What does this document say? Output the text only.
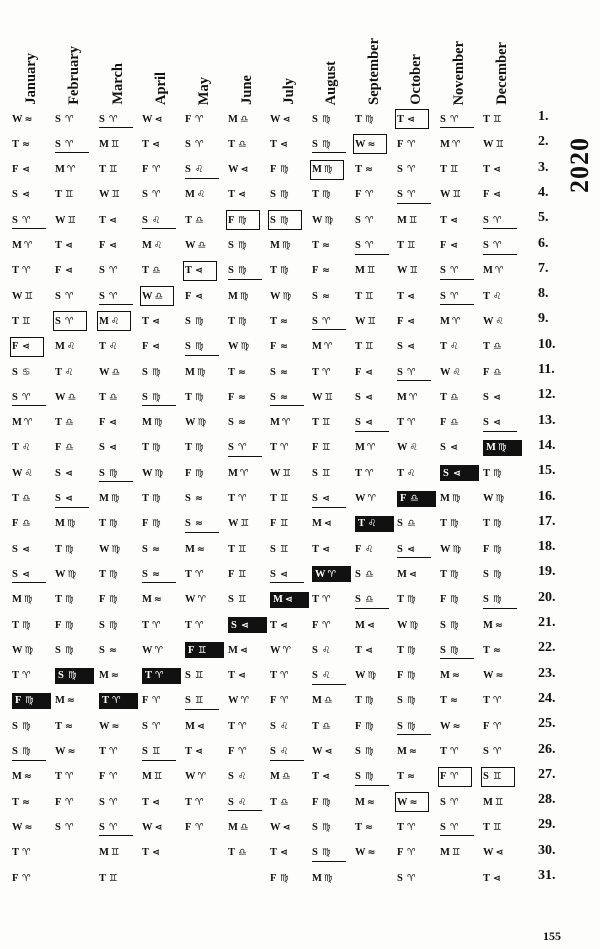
January February March April May June July August September October November December
W ≈
T ≈
F ⋖
S ⋖
S ♈
M ♈
T ♈
W ♊
T ♊
F ⋖
S ♋
S ♈
M ♈
T ♌
W ♌
T ♎
F ♎
S ⋖
S ⋖
M ♍
T ♍
W ♍
T ♈
F ♍
S ♍
S ♍
M ≈
T ≈
W ≈
T ♈
F ♈
S ♈
S ♈
M ♈
T ♊
W ♊
T ⋖
F ⋖
S ♈
S ♈
M ♌
T ♌
W ♎
T ♎
F ♎
S ⋖
S ⋖
M ♍
T ♍
W ♍
T ♍
F ♍
S ♍
S ♍
M ≈
T ≈
W ≈
T ♈
F ♈
S ♈
S ♈
M ♊
T ♊
W ♊
T ⋖
F ⋖
S ♈
S ♈
M ♌
T ♌
W ♎
T ♎
F ⋖
S ⋖
S ♍
M ♍
T ♍
W ♍
T ♍
F ♍
S ♍
S ≈
M ≈
T ♈
W ≈
T ♈
F ♈
S ♈
S ♈
M ♊
T ♊
W ⋖
T ⋖
F ♈
S ♈
S ♌
M ♌
T ♎
W ♎
T ⋖
F ⋖
S ♍
S ♍
M ♍
T ♍
W ♍
T ♍
F ♍
S ≈
S ≈
M ≈
T ♈
W ♈
T ♈
F ♈
S ♈
S ♊
M ♊
T ⋖
W ⋖
T ⋖
F ♈
S ♈
S ♌
M ♌
T ♎
W ♎
T ⋖
F ⋖
S ♍
S ♍
M ♍
T ♍
W ♍
T ♍
F ♍
S ≈
S ≈
M ≈
T ♈
W ♈
T ♈
F ♊
S ♊
S ♊
M ⋖
T ⋖
W ♈
T ♈
F ♈
M ♎
T ♎
W ⋖
T ⋖
F ♍
S ♍
S ♍
M ♍
T ♍
W ♍
T ≈
F ≈
S ≈
S ♈
M ♈
T ♈
W ♊
T ♊
F ♊
S ♊
S ⋖
M ⋖
T ⋖
W ♈
T ♈
F ♈
S ♌
S ♌
M ♎
T ♎
W ⋖
T ⋖
F ♍
S ♍
S ♍
M ♍
T ♍
W ♍
T ≈
F ≈
S ≈
S ≈
M ♈
T ♈
W ♊
T ♊
F ♊
S ♊
S ⋖
M ⋖
T ⋖
W ♈
T ♈
F ♈
S ♌
S ♌
M ♎
T ♎
W ⋖
T ⋖
F ♍
S ♍
S ♍
M ♍
T ♍
W ♍
T ≈
F ≈
S ≈
S ♈
M ♈
T ♈
W ♊
T ♊
F ♊
S ♊
S ⋖
M ⋖
T ⋖
W ♈
T ♈
F ♈
S ♌
S ♌
M ♎
T ♎
W ⋖
T ⋖
F ♍
S ♍
S ♍
M ♍
T ♍
W ≈
T ≈
F ♈
S ♈
S ♈
M ♊
T ♊
W ♊
T ♊
F ⋖
S ⋖
S ⋖
M ♈
T ♈
W ♈
T ♌
F ♌
S ♎
S ♎
M ⋖
T ⋖
W ♍
T ♍
F ♍
S ♍
S ♍
M ≈
T ≈
W ≈
T ⋖
F ♈
S ♈
S ♈
M ♊
T ♊
W ♊
T ⋖
F ⋖
S ⋖
S ♈
M ♈
T ♈
W ♌
T ♌
F ♎
S ♎
S ⋖
M ⋖
T ♍
W ♍
T ♍
F ♍
S ♍
S ♍
M ≈
T ≈
W ≈
T ♈
F ♈
S ♈
S ♈
M ♈
T ♊
W ♊
T ⋖
F ⋖
S ♈
S ♈
M ♈
T ♌
W ♌
T ♎
F ♎
S ⋖
S ⋖
M ♍
T ♍
W ♍
T ♍
F ♍
S ♍
S ♍
M ≈
T ≈
W ≈
T ♈
F ♈
S ♈
S ♈
M ♊
T ♊
W ♊
T ⋖
F ⋖
S ♈
S ♈
M ♈
T ♌
W ♌
T ♎
F ♎
S ⋖
S ⋖
M ♍
T ♍
W ♍
T ♍
F ♍
S ♍
S ♍
M ≈
T ≈
W ≈
T ♈
F ♈
S ♈
S ♊
M ♊
T ♊
W ⋖
T ⋖
1.
2.
3.
4.
5.
6.
7.
8.
9.
10.
11.
12.
13.
14.
15.
16.
17.
18.
19.
20.
21.
22.
23.
24.
25.
26.
27.
28.
29.
30.
31.
2020
155
